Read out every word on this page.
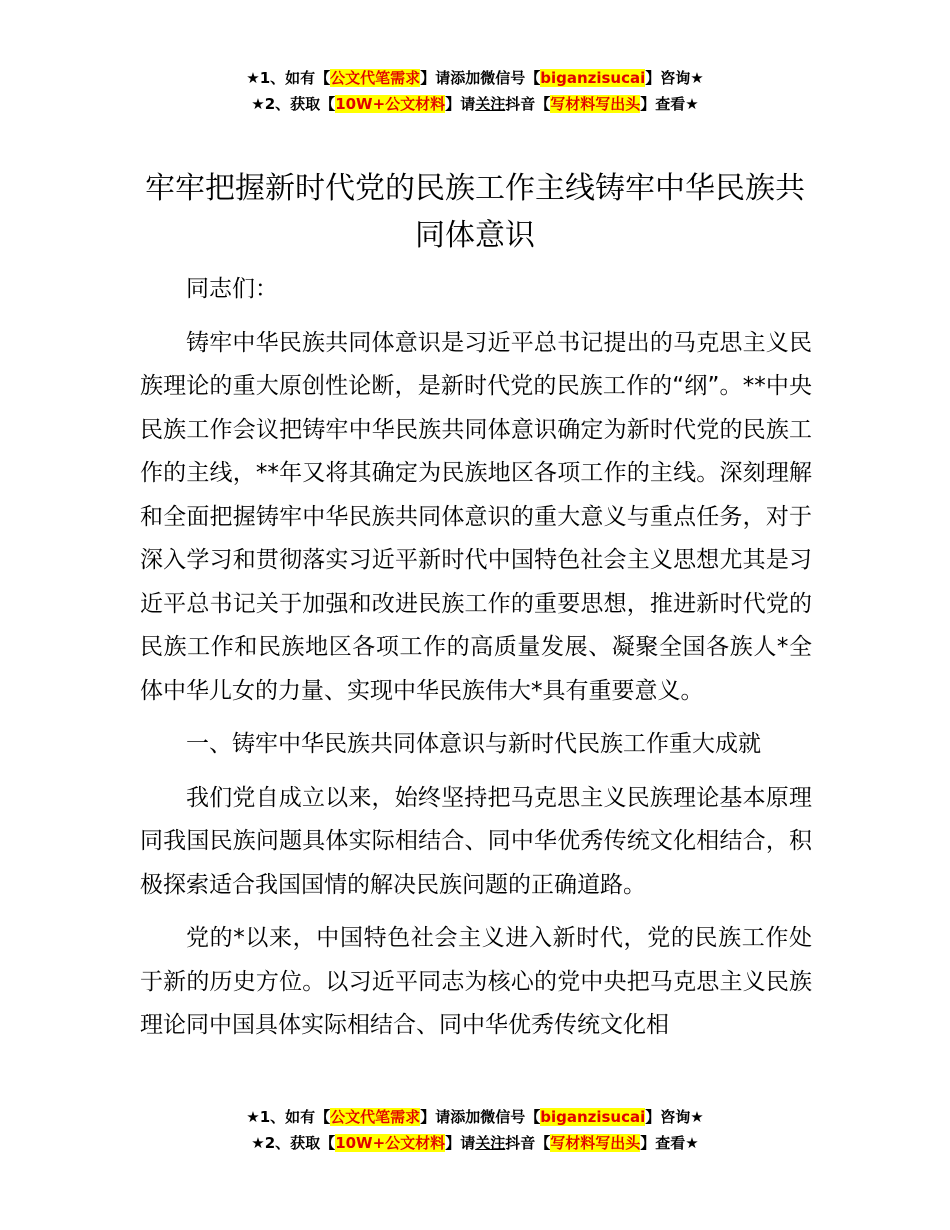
★1、如有【公文代笔需求】请添加微信号【biganzisucai】咨询★
★2、获取【10W+公文材料】请关注抖音【写材料写出头】查看★
牢牢把握新时代党的民族工作主线铸牢中华民族共同体意识

同志们：

铸牢中华民族共同体意识是习近平总书记提出的马克思主义民族理论的重大原创性论断，是新时代党的民族工作的“纲”。**中央民族工作会议把铸牢中华民族共同体意识确定为新时代党的民族工作的主线，**年又将其确定为民族地区各项工作的主线。深刻理解和全面把握铸牢中华民族共同体意识的重大意义与重点任务，对于深入学习和贯彻落实习近平新时代中国特色社会主义思想尤其是习近平总书记关于加强和改进民族工作的重要思想，推进新时代党的民族工作和民族地区各项工作的高质量发展、凝聚全国各族人*全体中华儿女的力量、实现中华民族伟大*具有重要意义。

一、铸牢中华民族共同体意识与新时代民族工作重大成就

我们党自成立以来，始终坚持把马克思主义民族理论基本原理同我国民族问题具体实际相结合、同中华优秀传统文化相结合，积极探索适合我国国情的解决民族问题的正确道路。

党的*以来，中国特色社会主义进入新时代，党的民族工作处于新的历史方位。以习近平同志为核心的党中央把马克思主义民族理论同中国具体实际相结合、同中华优秀传统文化相

★1、如有【公文代笔需求】请添加微信号【biganzisucai】咨询★
★2、获取【10W+公文材料】请关注抖音【写材料写出头】查看★
